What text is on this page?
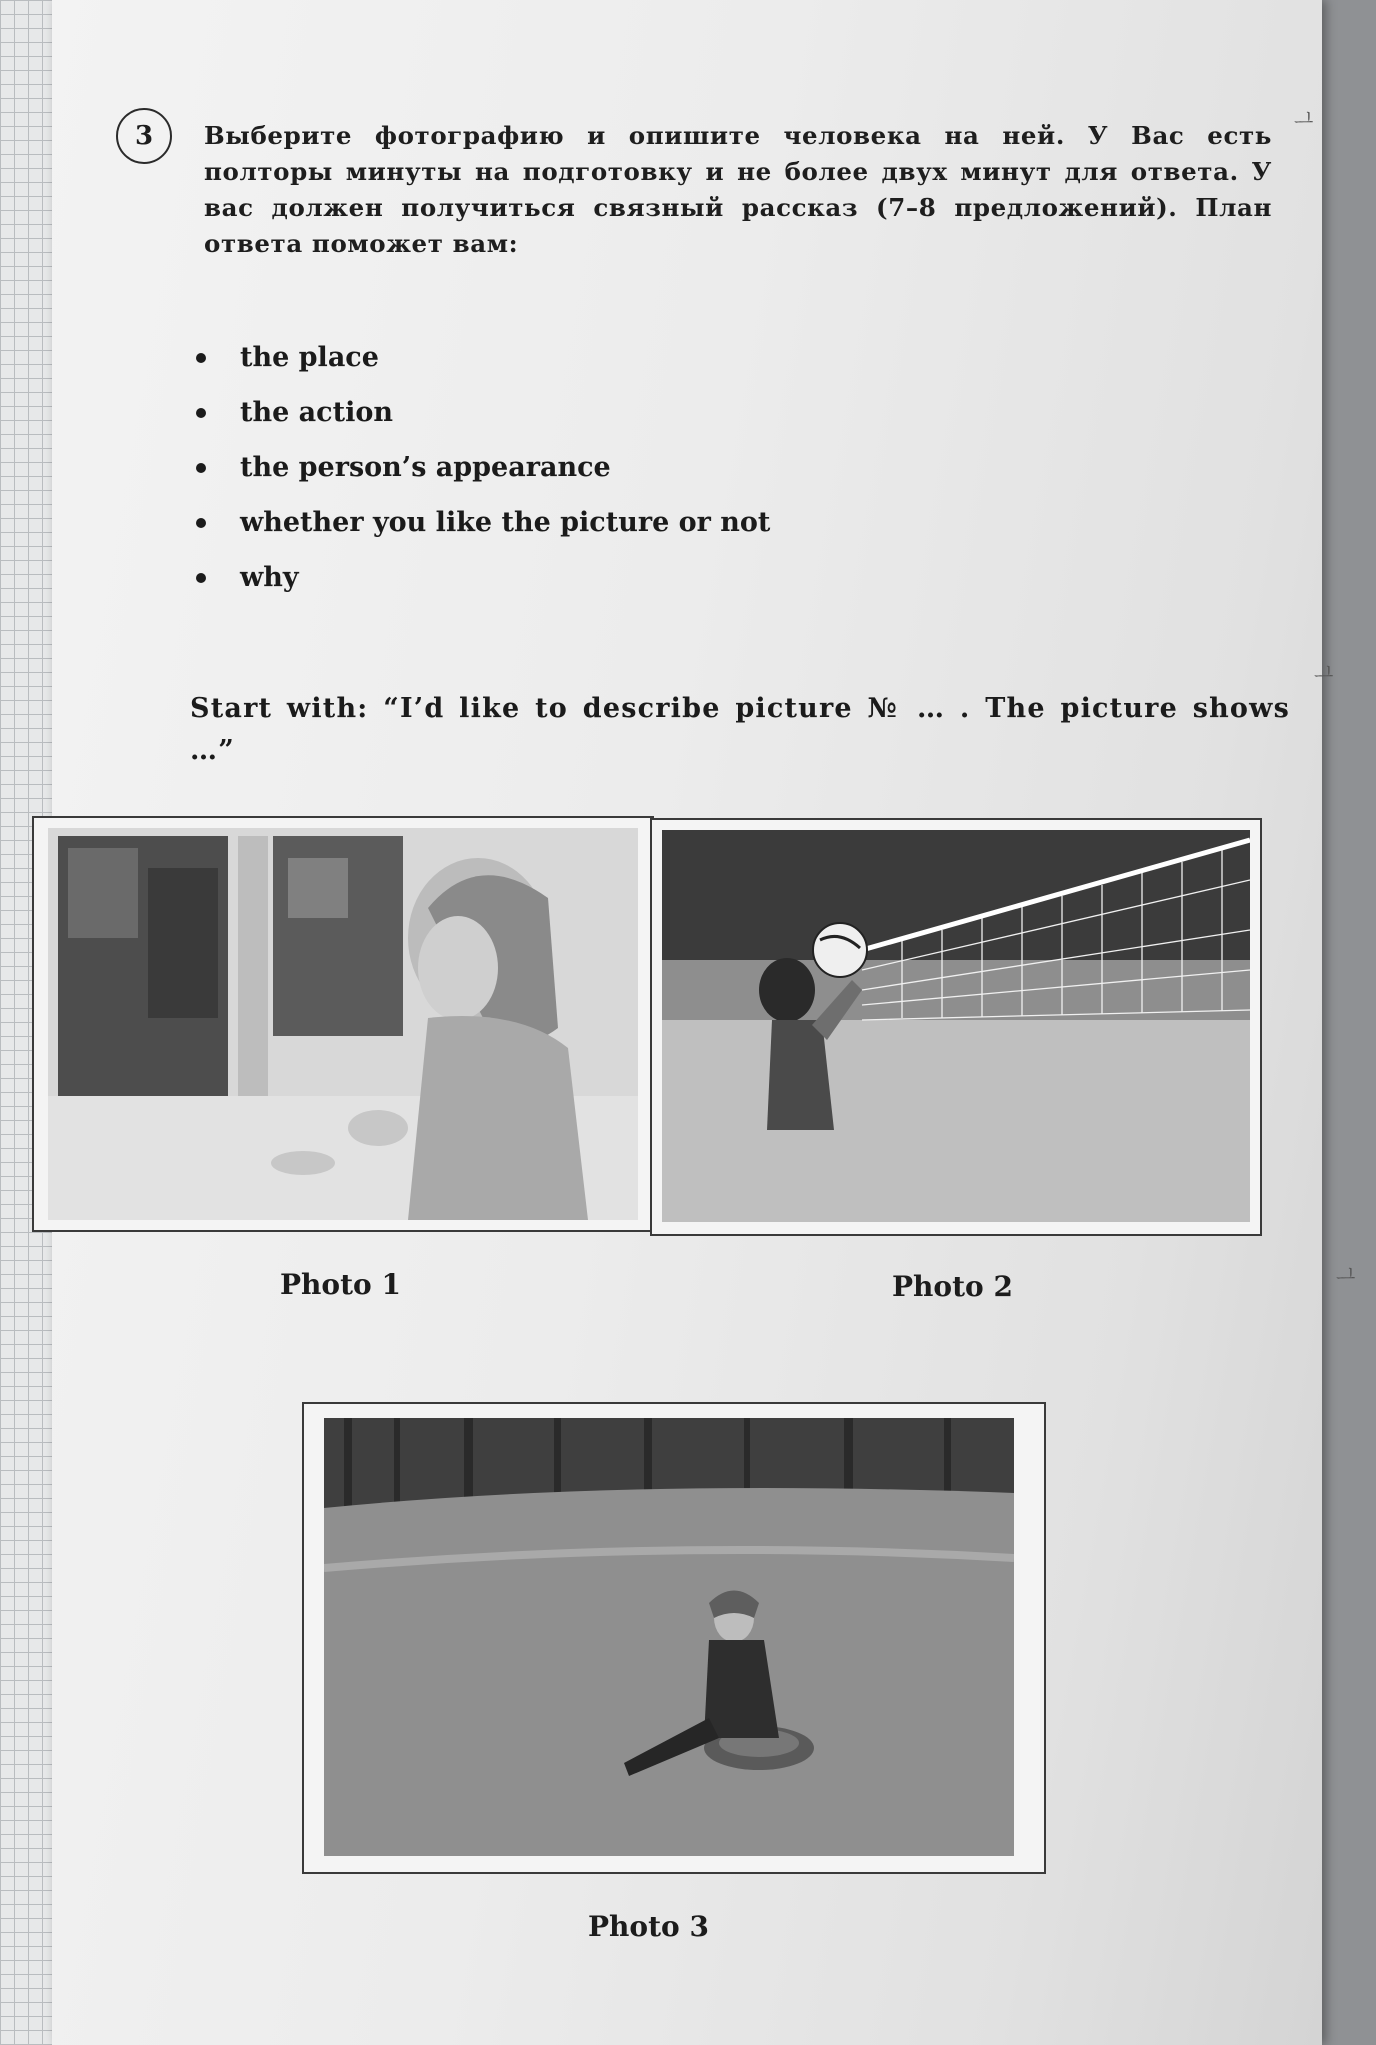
3 Выберите фотографию и опишите человека на ней. У Вас есть полторы минуты на подготовку и не более двух минут для ответа. У вас должен получиться связный рассказ (7–8 предложений). План ответа поможет вам:
the place
the action
the person’s appearance
whether you like the picture or not
why
Start with: “I’d like to describe picture № … . The picture shows …”
Photo 1	Photo 2
Photo 3
ᆜ
ᆜ
ᆜ
